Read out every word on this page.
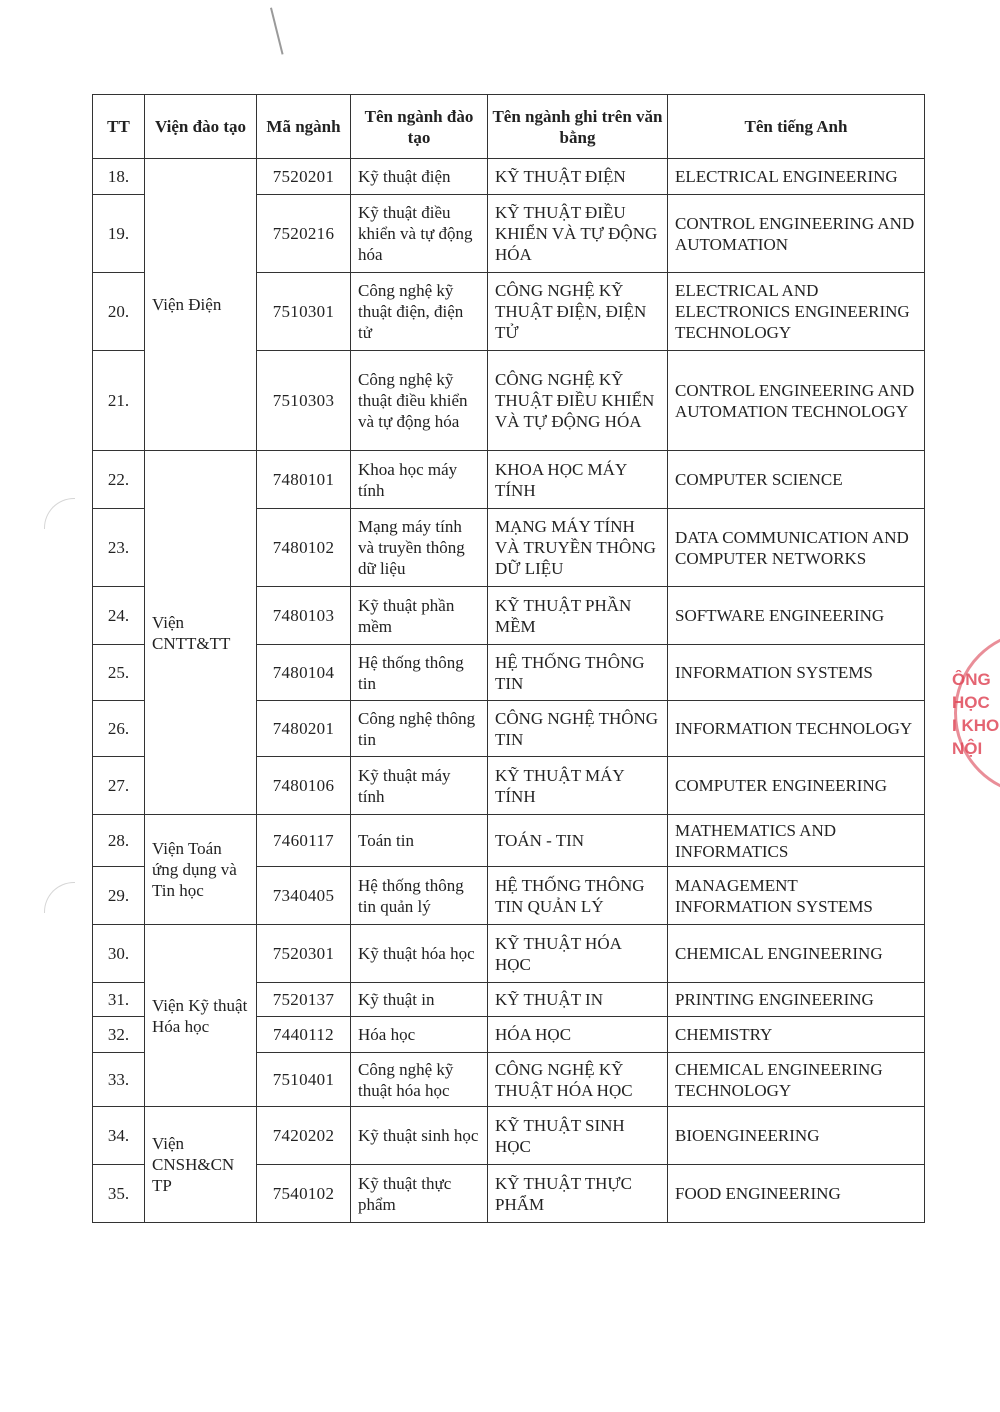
ÔNG
HỌC
I KHO
NỘI
TT	Viện đào tạo	Mã ngành	Tên ngành đào tạo	Tên ngành ghi trên văn bằng	Tên tiếng Anh
18.	Viện Điện	7520201	Kỹ thuật điện	KỸ THUẬT ĐIỆN	ELECTRICAL ENGINEERING
19.		7520216	Kỹ thuật điều khiển và tự động hóa	KỸ THUẬT ĐIỀU KHIỂN VÀ TỰ ĐỘNG HÓA	CONTROL ENGINEERING AND AUTOMATION
20.		7510301	Công nghệ kỹ thuật điện, điện tử	CÔNG NGHỆ KỸ THUẬT ĐIỆN, ĐIỆN TỬ	ELECTRICAL AND ELECTRONICS ENGINEERING TECHNOLOGY
21.		7510303	Công nghệ kỹ thuật điều khiển và tự động hóa	CÔNG NGHỆ KỸ THUẬT ĐIỀU KHIỂN VÀ TỰ ĐỘNG HÓA	CONTROL ENGINEERING AND AUTOMATION TECHNOLOGY
22.	Viện CNTT&TT	7480101	Khoa học máy tính	KHOA HỌC MÁY TÍNH	COMPUTER SCIENCE
23.		7480102	Mạng máy tính và truyền thông dữ liệu	MẠNG MÁY TÍNH VÀ TRUYỀN THÔNG DỮ LIỆU	DATA COMMUNICATION AND COMPUTER NETWORKS
24.		7480103	Kỹ thuật phần mềm	KỸ THUẬT PHẦN MỀM	SOFTWARE ENGINEERING
25.		7480104	Hệ thống thông tin	HỆ THỐNG THÔNG TIN	INFORMATION SYSTEMS
26.		7480201	Công nghệ thông tin	CÔNG NGHỆ THÔNG TIN	INFORMATION TECHNOLOGY
27.		7480106	Kỹ thuật máy tính	KỸ THUẬT MÁY TÍNH	COMPUTER ENGINEERING
28.	Viện Toán ứng dụng và Tin học	7460117	Toán tin	TOÁN - TIN	MATHEMATICS AND INFORMATICS
29.		7340405	Hệ thống thông tin quản lý	HỆ THỐNG THÔNG TIN QUẢN LÝ	MANAGEMENT INFORMATION SYSTEMS
30.	Viện Kỹ thuật Hóa học	7520301	Kỹ thuật hóa học	KỸ THUẬT HÓA HỌC	CHEMICAL ENGINEERING
31.		7520137	Kỹ thuật in	KỸ THUẬT IN	PRINTING ENGINEERING
32.		7440112	Hóa học	HÓA HỌC	CHEMISTRY
33.		7510401	Công nghệ kỹ thuật hóa học	CÔNG NGHỆ KỸ THUẬT HÓA HỌC	CHEMICAL ENGINEERING TECHNOLOGY
34.	Viện CNSH&CN TP	7420202	Kỹ thuật sinh học	KỸ THUẬT SINH HỌC	BIOENGINEERING
35.		7540102	Kỹ thuật thực phẩm	KỸ THUẬT THỰC PHẨM	FOOD ENGINEERING
